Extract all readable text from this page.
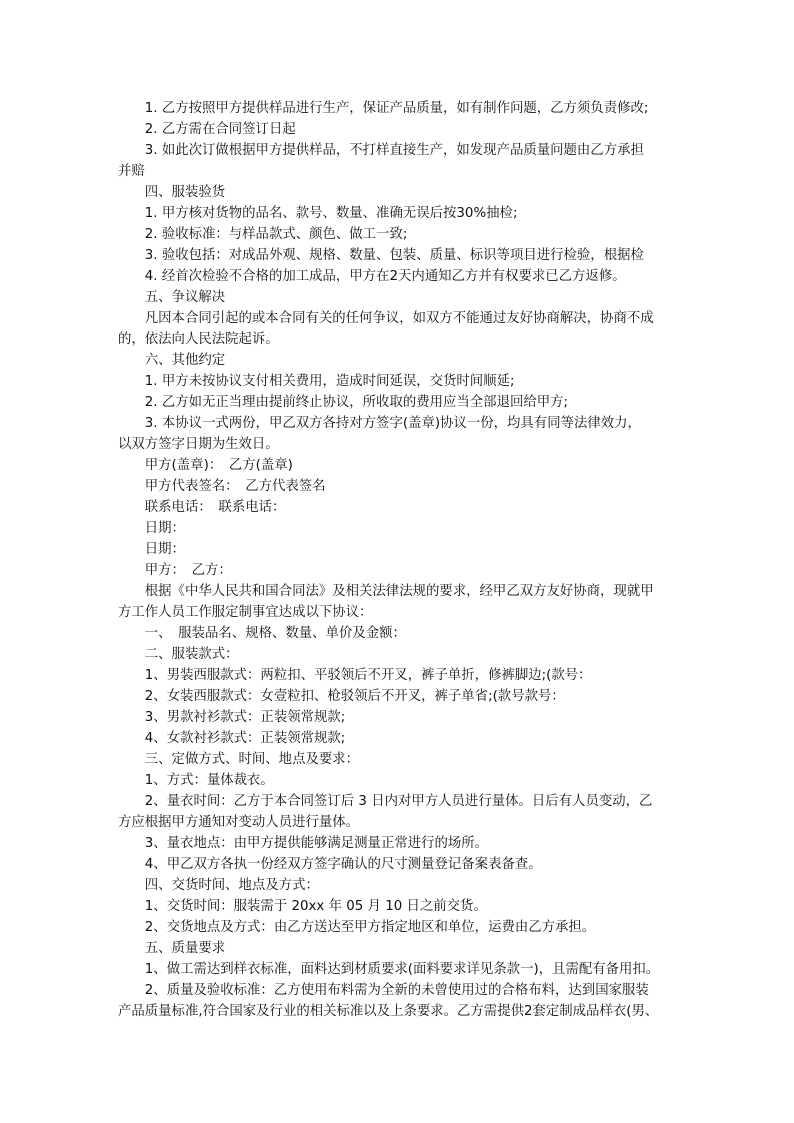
　　1. 乙方按照甲方提供样品进行生产，保证产品质量，如有制作问题，乙方须负责修改;
　　2. 乙方需在合同签订日起
　　3. 如此次订做根据甲方提供样品，不打样直接生产，如发现产品质量问题由乙方承担
并赔
　　四、服装验货
　　1. 甲方核对货物的品名、款号、数量、准确无误后按30%抽检;
　　2. 验收标准：与样品款式、颜色、做工一致;
　　3. 验收包括：对成品外观、规格、数量、包装、质量、标识等项目进行检验，根据检
　　4. 经首次检验不合格的加工成品，甲方在2天内通知乙方并有权要求已乙方返修。
　　五、争议解决
　　凡因本合同引起的或本合同有关的任何争议，如双方不能通过友好协商解决，协商不成
的，依法向人民法院起诉。
　　六、其他约定
　　1. 甲方未按协议支付相关费用，造成时间延误，交货时间顺延;
　　2. 乙方如无正当理由提前终止协议，所收取的费用应当全部退回给甲方;
　　3. 本协议一式两份，甲乙双方各持对方签字(盖章)协议一份，均具有同等法律效力，
以双方签字日期为生效日。
　　甲方(盖章)：　乙方(盖章)
　　甲方代表签名：　乙方代表签名
　　联系电话：　联系电话：
　　日期：
　　日期：
　　甲方：　乙方：
　　根据《中华人民共和国合同法》及相关法律法规的要求，经甲乙双方友好协商，现就甲
方工作人员工作服定制事宜达成以下协议：
　　一、　服装品名、规格、数量、单价及金额：
　　二、服装款式：
　　1、男装西服款式：两粒扣、平驳领后不开叉，裤子单折，修裤脚边;(款号：
　　2、女装西服款式：女壹粒扣、枪驳领后不开叉，裤子单省;(款号款号：
　　3、男款衬衫款式：正装领常规款;
　　4、女款衬衫款式：正装领常规款;
　　三、定做方式、时间、地点及要求：
　　1、方式：量体裁衣。
　　2、量衣时间：乙方于本合同签订后 3 日内对甲方人员进行量体。日后有人员变动，乙
方应根据甲方通知对变动人员进行量体。
　　3、量衣地点：由甲方提供能够满足测量正常进行的场所。
　　4、甲乙双方各执一份经双方签字确认的尺寸测量登记备案表备查。
　　四、交货时间、地点及方式：
　　1、交货时间：服装需于 20xx 年 05 月 10 日之前交货。
　　2、交货地点及方式：由乙方送达至甲方指定地区和单位，运费由乙方承担。
　　五、质量要求
　　1、做工需达到样衣标准，面料达到材质要求(面料要求详见条款一)，且需配有备用扣。
　　2、质量及验收标准：乙方使用布料需为全新的未曾使用过的合格布料，达到国家服装
产品质量标准,符合国家及行业的相关标准以及上条要求。乙方需提供2套定制成品样衣(男、
